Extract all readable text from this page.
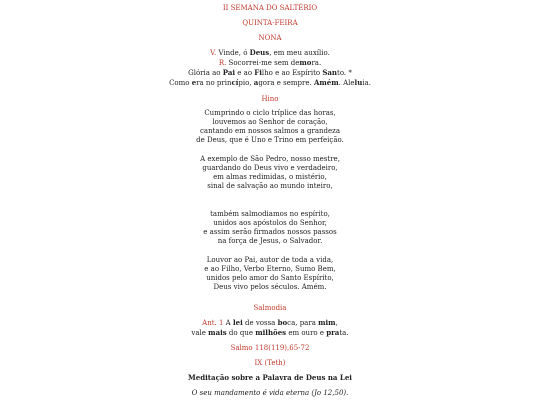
II SEMANA DO SALTÉRIO
QUINTA-FEIRA
NONA
V. Vinde, ó Deus, em meu auxílio.
R. Socorrei-me sem demora.
Glória ao Pai e ao Filho e ao Espírito Santo. *
Como era no princípio, agora e sempre. Amém. Aleluia.
Hino
Cumprindo o ciclo tríplice das horas,
louvemos ao Senhor de coração,
cantando em nossos salmos a grandeza
de Deus, que é Uno e Trino em perfeição.
A exemplo de São Pedro, nosso mestre,
guardando do Deus vivo e verdadeiro,
em almas redimidas, o mistério,
sinal de salvação ao mundo inteiro,
também salmodiamos no espírito,
unidos aos apóstolos do Senhor,
e assim serão firmados nossos passos
na força de Jesus, o Salvador.
Louvor ao Pai, autor de toda a vida,
e ao Filho, Verbo Eterno, Sumo Bem,
unidos pelo amor do Santo Espírito,
Deus vivo pelos séculos. Amém.
Salmodia
Ant. 1 A lei de vossa boca, para mim,
vale mais do que milhões em ouro e prata.
Salmo 118(119),65-72
IX (Teth)
Meditação sobre a Palavra de Deus na Lei
O seu mandamento é vida eterna (Jo 12,50).
